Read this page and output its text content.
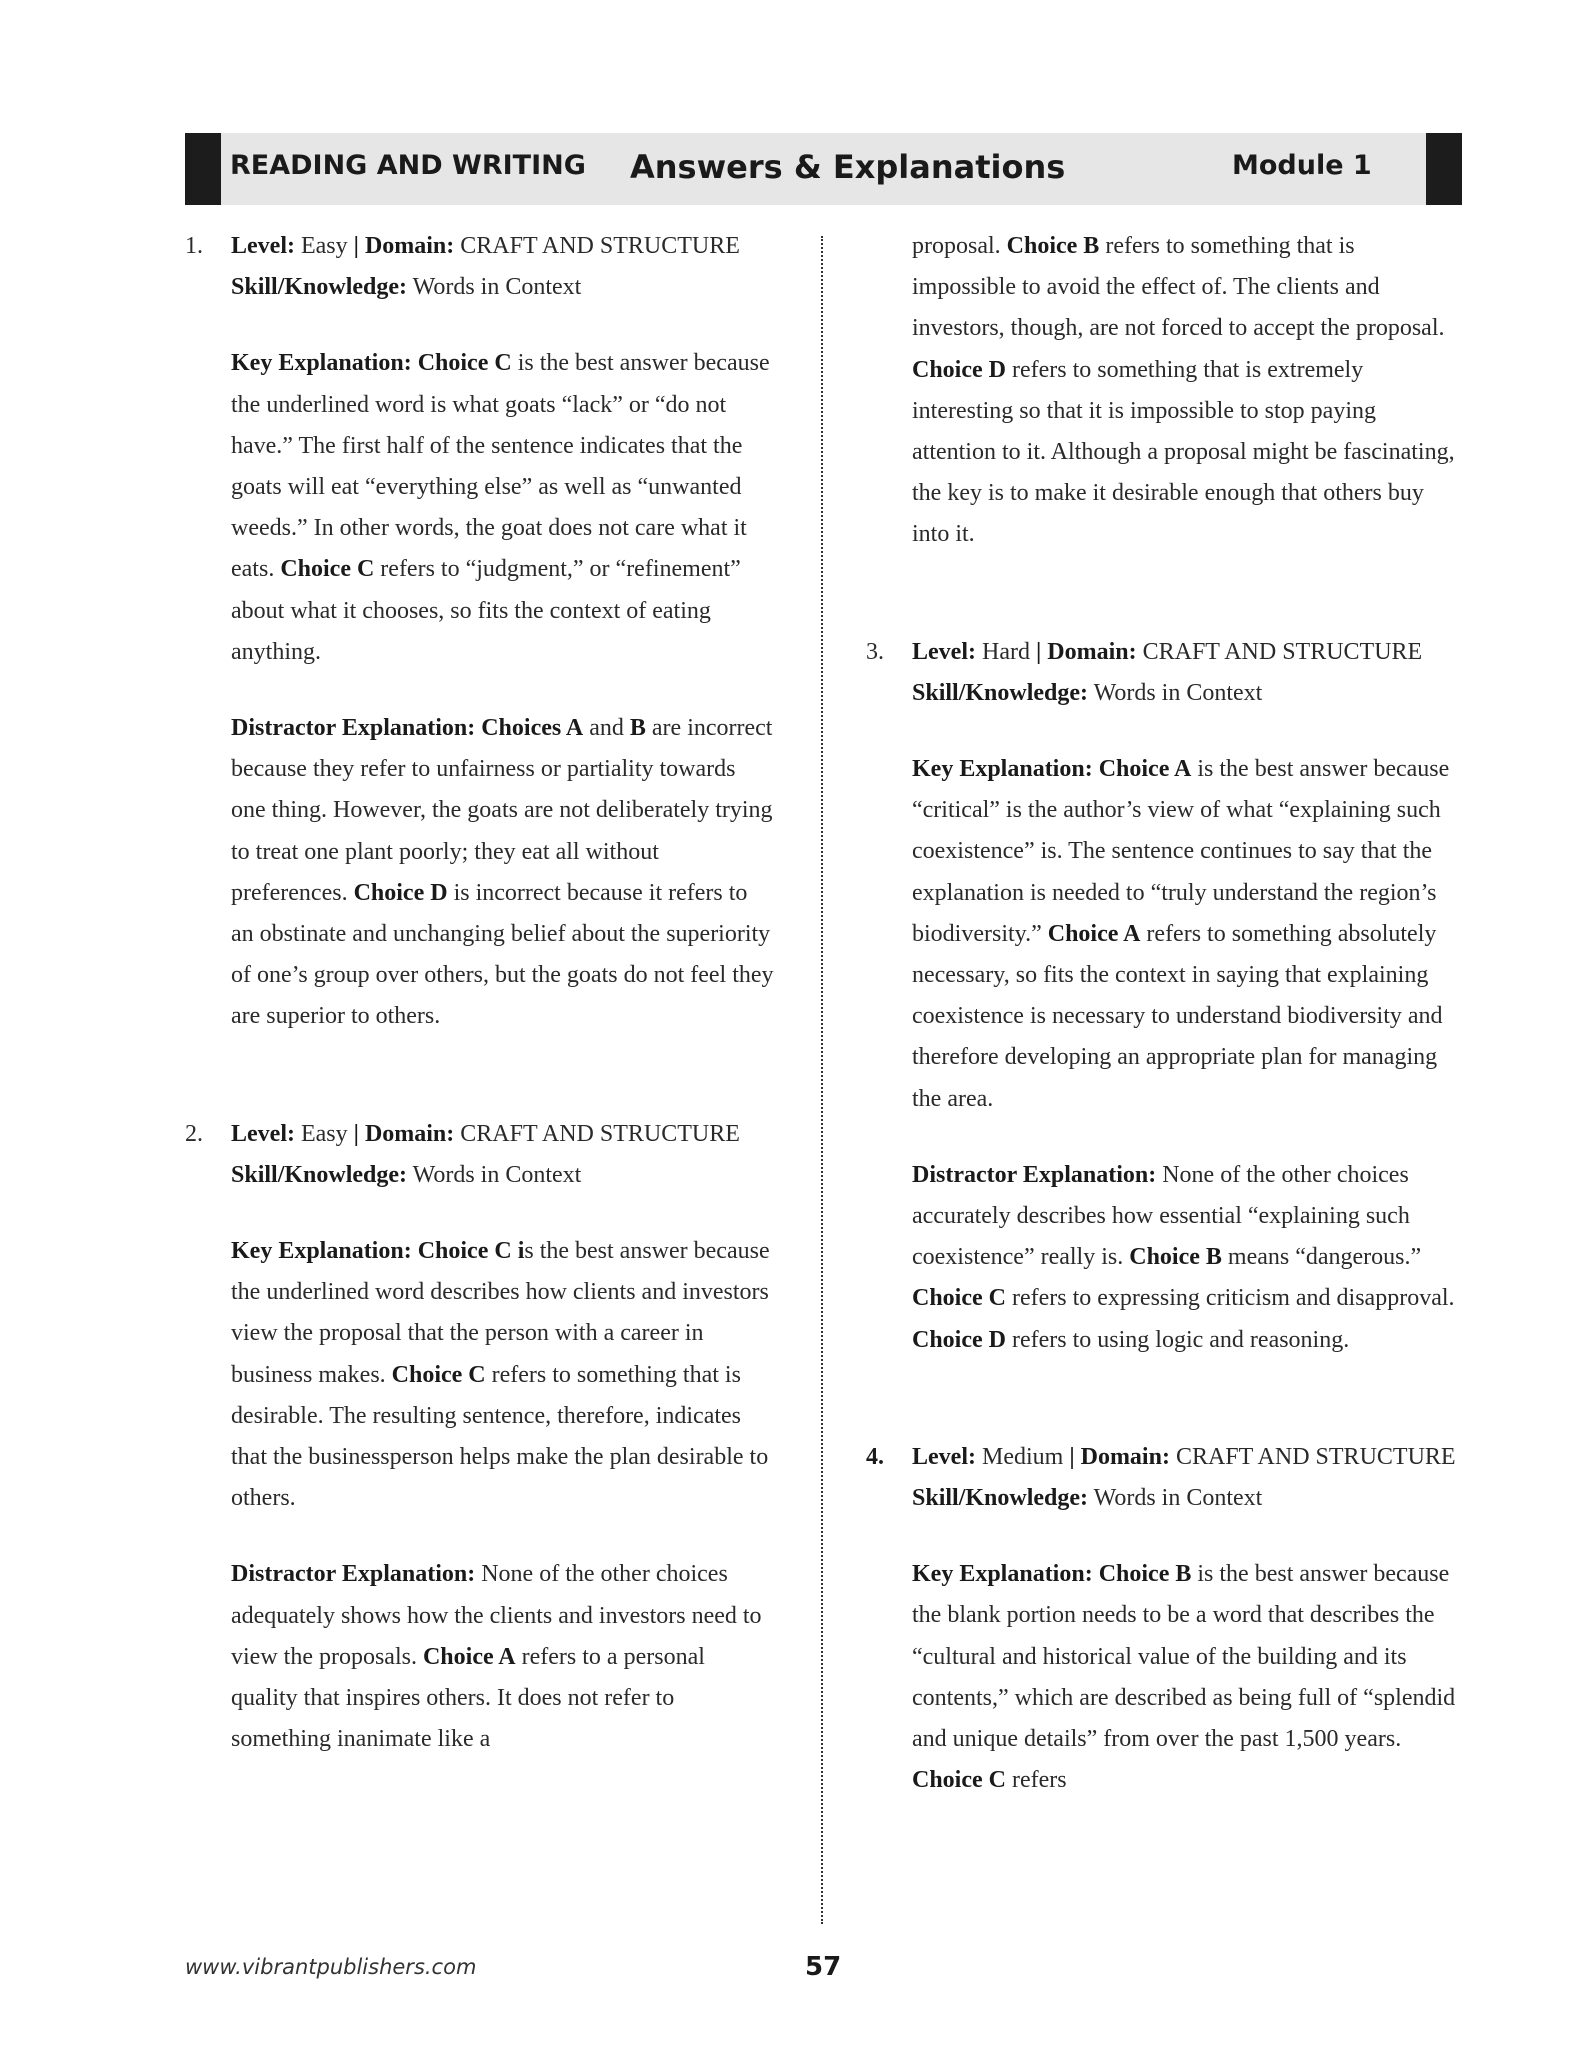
READING AND WRITING Answers & Explanations	Module 1
1.	Level: Easy | Domain: CRAFT AND STRUCTURE
Skill/Knowledge: Words in Context

Key Explanation: Choice C is the best answer because the underlined word is what goats “lack” or “do not have.” The first half of the sentence indicates that the goats will eat “everything else” as well as “unwanted weeds.” In other words, the goat does not care what it eats. Choice C refers to “judgment,” or “refinement” about what it chooses, so fits the context of eating anything.

Distractor Explanation: Choices A and B are incorrect because they refer to unfairness or partiality towards one thing. However, the goats are not deliberately trying to treat one plant poorly; they eat all without preferences. Choice D is incorrect because it refers to an obstinate and unchanging belief about the superiority of one’s group over others, but the goats do not feel they are superior to others.

2.	Level: Easy | Domain: CRAFT AND STRUCTURE
Skill/Knowledge: Words in Context

Key Explanation: Choice C is the best answer because the underlined word describes how clients and investors view the proposal that the person with a career in business makes. Choice C refers to something that is desirable. The resulting sentence, therefore, indicates that the businessperson helps make the plan desirable to others.

Distractor Explanation: None of the other choices adequately shows how the clients and investors need to view the proposals. Choice A refers to a personal quality that inspires others. It does not refer to something inanimate like a

proposal. Choice B refers to something that is impossible to avoid the effect of. The clients and investors, though, are not forced to accept the proposal. Choice D refers to something that is extremely interesting so that it is impossible to stop paying attention to it. Although a proposal might be fascinating, the key is to make it desirable enough that others buy into it.

3.	Level: Hard | Domain: CRAFT AND STRUCTURE
Skill/Knowledge: Words in Context

Key Explanation: Choice A is the best answer because “critical” is the author’s view of what “explaining such coexistence” is. The sentence continues to say that the explanation is needed to “truly understand the region’s biodiversity.” Choice A refers to something absolutely necessary, so fits the context in saying that explaining coexistence is necessary to understand biodiversity and therefore developing an appropriate plan for managing the area.

Distractor Explanation: None of the other choices accurately describes how essential “explaining such coexistence” really is. Choice B means “dangerous.” Choice C refers to expressing criticism and disapproval. Choice D refers to using logic and reasoning.

4.	Level: Medium | Domain: CRAFT AND STRUCTURE
Skill/Knowledge: Words in Context

Key Explanation: Choice B is the best answer because the blank portion needs to be a word that describes the “cultural and historical value of the building and its contents,” which are described as being full of “splendid and unique details” from over the past 1,500 years. Choice C refers

www.vibrantpublishers.com	57
